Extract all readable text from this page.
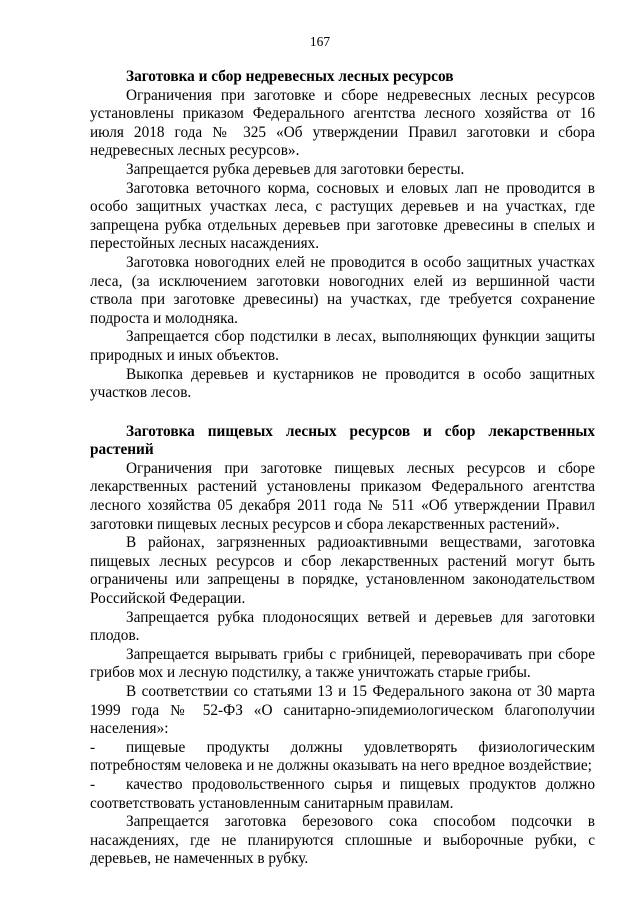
167

Заготовка и сбор недревесных лесных ресурсов

Ограничения при заготовке и сборе недревесных лесных ресурсов установлены приказом Федерального агентства лесного хозяйства от 16 июля 2018 года № 325 «Об утверждении Правил заготовки и сбора недревесных лесных ресурсов».

Запрещается рубка деревьев для заготовки бересты.

Заготовка веточного корма, сосновых и еловых лап не проводится в особо защитных участках леса, с растущих деревьев и на участках, где запрещена рубка отдельных деревьев при заготовке древесины в спелых и перестойных лесных насаждениях.

Заготовка новогодних елей не проводится в особо защитных участках леса, (за исключением заготовки новогодних елей из вершинной части ствола при заготовке древесины) на участках, где требуется сохранение подроста и молодняка.

Запрещается сбор подстилки в лесах, выполняющих функции защиты природных и иных объектов.

Выкопка деревьев и кустарников не проводится в особо защитных участков лесов.

Заготовка пищевых лесных ресурсов и сбор лекарственных растений

Ограничения при заготовке пищевых лесных ресурсов и сборе лекарственных растений установлены приказом Федерального агентства лесного хозяйства 05 декабря 2011 года № 511 «Об утверждении Правил заготовки пищевых лесных ресурсов и сбора лекарственных растений».

В районах, загрязненных радиоактивными веществами, заготовка пищевых лесных ресурсов и сбор лекарственных растений могут быть ограничены или запрещены в порядке, установленном законодательством Российской Федерации.

Запрещается рубка плодоносящих ветвей и деревьев для заготовки плодов.

Запрещается вырывать грибы с грибницей, переворачивать при сборе грибов мох и лесную подстилку, а также уничтожать старые грибы.

В соответствии со статьями 13 и 15 Федерального закона от 30 марта 1999 года № 52-ФЗ «О санитарно-эпидемиологическом благополучии населения»:

- пищевые продукты должны удовлетворять физиологическим потребностям человека и не должны оказывать на него вредное воздействие;

- качество продовольственного сырья и пищевых продуктов должно соответствовать установленным санитарным правилам.

Запрещается заготовка березового сока способом подсочки в насаждениях, где не планируются сплошные и выборочные рубки, с деревьев, не намеченных в рубку.
